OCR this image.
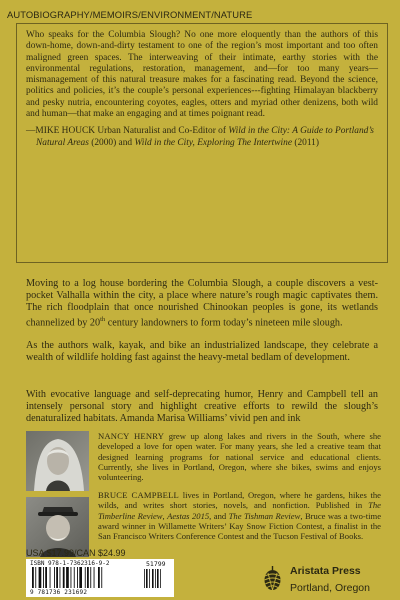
AUTOBIOGRAPHY/MEMOIRS/ENVIRONMENT/NATURE

Who speaks for the Columbia Slough? No one more eloquently than the authors of this down-home, down-and-dirty testament to one of the region’s most important and too often maligned green spaces. The interweaving of their intimate, earthy stories with the environmental regulations, restoration, management, and—for too many years—mismanagement of this natural treasure makes for a fascinating read. Beyond the science, politics and policies, it’s the couple’s personal experiences---fighting Himalayan blackberry and pesky nutria, encountering coyotes, eagles, otters and myriad other denizens, both wild and human—that make an engaging and at times poignant read.

—MIKE HOUCK Urban Naturalist and Co-Editor of Wild in the City: A Guide to Portland’s Natural Areas (2000) and Wild in the City, Exploring The Intertwine (2011)

Moving to a log house bordering the Columbia Slough, a couple discovers a vest-pocket Valhalla within the city, a place where nature’s rough magic captivates them. The rich floodplain that once nourished Chinookan peoples is gone, its wetlands channelized by 20th century landowners to form today’s nineteen mile slough.

As the authors walk, kayak, and bike an industrialized landscape, they celebrate a wealth of wildlife holding fast against the heavy-metal bedlam of development.

With evocative language and self-deprecating humor, Henry and Campbell tell an intensely personal story and highlight creative efforts to rewild the slough’s denaturalized habitats. Amanda Marisa Williams’ vivid pen and ink

NANCY HENRY grew up along lakes and rivers in the South, where she developed a love for open water. For many years, she led a creative team that designed learning programs for national service and educational clients. Currently, she lives in Portland, Oregon, where she bikes, swims and enjoys volunteering.

BRUCE CAMPBELL lives in Portland, Oregon, where he gardens, hikes the wilds, and writes short stories, novels, and nonfiction. Published in The Timberline Review, Aestas 2015, and The Tishman Review, Bruce was a two-time award winner in Willamette Writers’ Kay Snow Fiction Contest, a finalist in the San Francisco Writers Conference Contest and the Tucson Festival of Books.

USA $17.99/CAN $24.99
ISBN 978-1-7362316-9-2	51799
9 781736 231692
Aristata Press
Portland, Oregon
